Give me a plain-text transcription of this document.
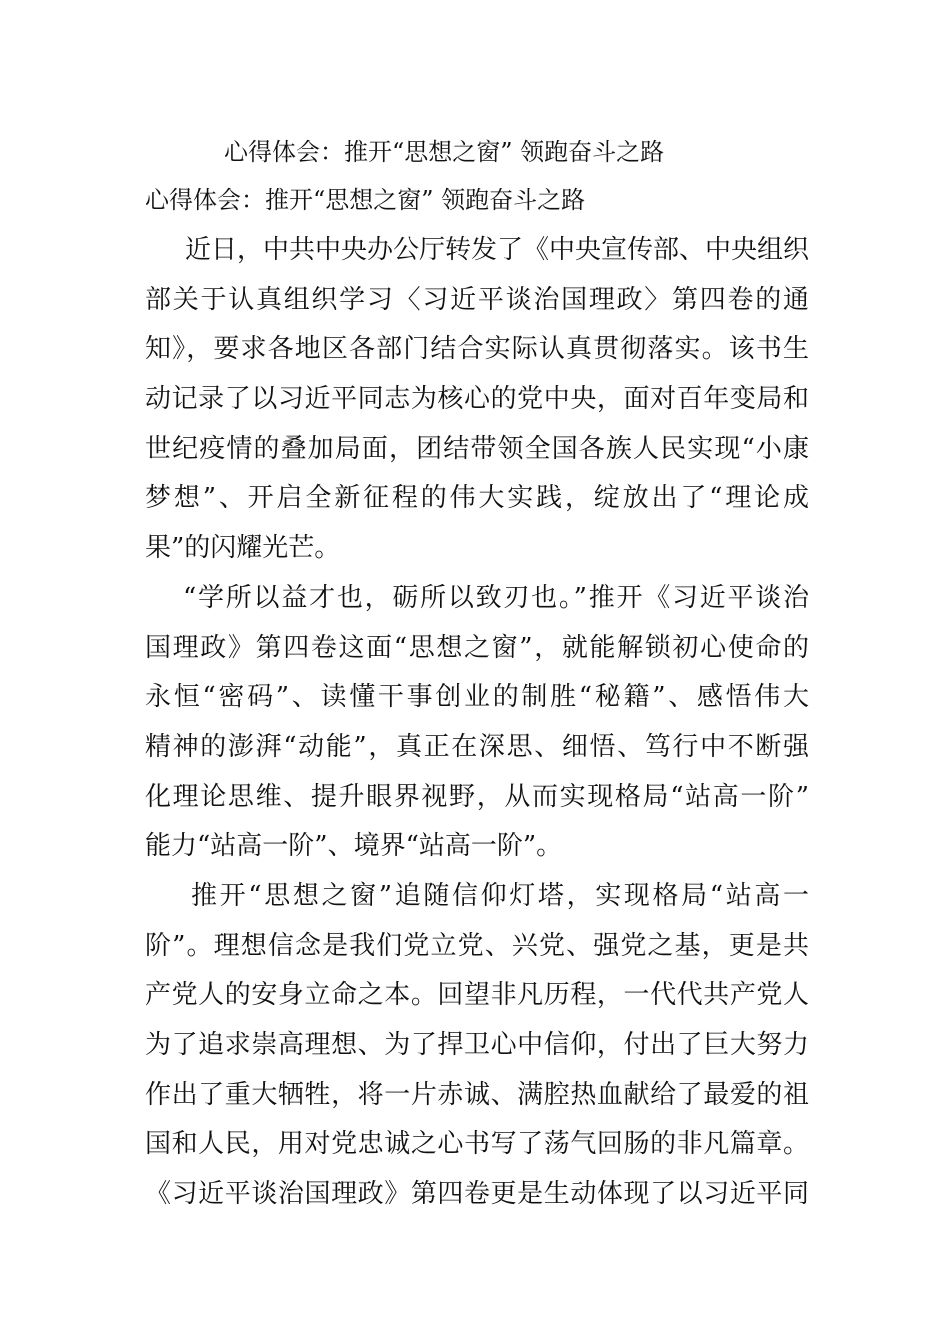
心得体会：推开“思想之窗” 领跑奋斗之路
心得体会：推开“思想之窗” 领跑奋斗之路
近日，中共中央办公厅转发了《中央宣传部、中央组织
部关于认真组织学习〈习近平谈治国理政〉第四卷的通
知》，要求各地区各部门结合实际认真贯彻落实。该书生
动记录了以习近平同志为核心的党中央，面对百年变局和
世纪疫情的叠加局面，团结带领全国各族人民实现“小康
梦想”、开启全新征程的伟大实践，绽放出了“理论成
果”的闪耀光芒。
“学所以益才也，砺所以致刃也。”推开《习近平谈治
国理政》第四卷这面“思想之窗”，就能解锁初心使命的
永恒“密码”、读懂干事创业的制胜“秘籍”、感悟伟大
精神的澎湃“动能”，真正在深思、细悟、笃行中不断强
化理论思维、提升眼界视野，从而实现格局“站高一阶”
能力“站高一阶”、境界“站高一阶”。
推开“思想之窗”追随信仰灯塔，实现格局“站高一
阶”。理想信念是我们党立党、兴党、强党之基，更是共
产党人的安身立命之本。回望非凡历程，一代代共产党人
为了追求崇高理想、为了捍卫心中信仰，付出了巨大努力
作出了重大牺牲，将一片赤诚、满腔热血献给了最爱的祖
国和人民，用对党忠诚之心书写了荡气回肠的非凡篇章。
《习近平谈治国理政》第四卷更是生动体现了以习近平同
